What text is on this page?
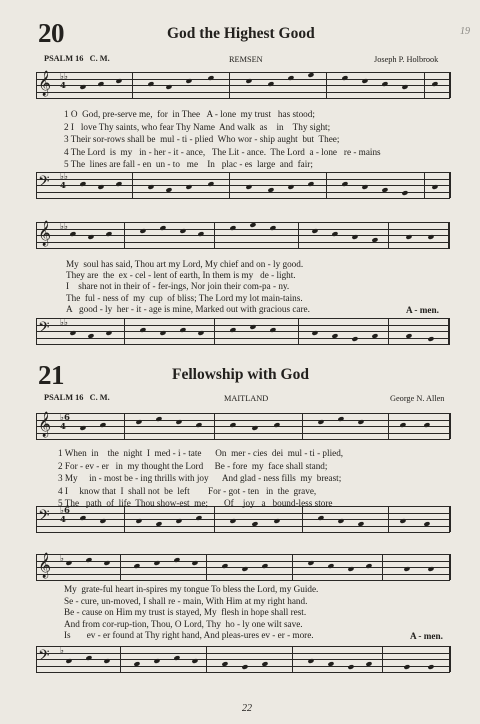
20	God the Highest Good	19
PSALM 16 C. M.	REMSEN	Joseph P. Holbrook
𝄞 ♭♭
4
1 O  God, pre-serve me,  for  in Thee   A - lone  my trust   has stood;
2 I   love Thy saints, who fear Thy Name  And walk  as    in    Thy sight;
3 Their sor-rows shall be  mul - ti - plied  Who wor - ship aught  but  Thee;
4 The Lord  is  my   in - her - it - ance,   The Lit - ance.  The Lord  a - lone   re - mains
5 The  lines are fall - en  un - to   me    In   plac - es  large  and  fair;
𝄢 ♭♭
4
𝄞 ♭♭
My  soul has said, Thou art my Lord, My chief and on - ly good.
They are  the  ex - cel - lent of earth, In them is my   de - light.
I    share not in their of - fer-ings, Nor join their com-pa - ny.
The  ful - ness of  my  cup  of bliss; The Lord my lot main-tains.
A   good - ly  her - it - age is mine, Marked out with gracious care.	A - men.
𝄢 ♭♭
21	Fellowship with God
PSALM 16 C. M.	MAITLAND	George N. Allen
𝄞 ♭6
4
1 When  in    the  night  I  med - i - tate      On  mer - cies  dei  mul - ti - plied,
2 For - ev - er   in  my thought the Lord     Be - fore  my  face shall stand;
3 My     in - most be - ing thrills with joy      And glad - ness fills  my  breast;
4 I     know that  I  shall not  be  left        For - got - ten   in  the  grave,
5 The   path  of  life  Thou show-est  me;       Of    joy   a   bound-less store
𝄢 ♭6
4
𝄞 ♭
My  grate-ful heart in-spires my tongue To bless the Lord, my Guide.
Se - cure, un-moved, I shall re - main, With Him at my right hand.
Be - cause on Him my trust is stayed, My  flesh in hope shall rest.
And from cor-rup-tion, Thou, O Lord, Thy  ho - ly one wilt save.
Is       ev - er found at Thy right hand, And pleas-ures ev - er - more.	A - men.
𝄢 ♭
22
